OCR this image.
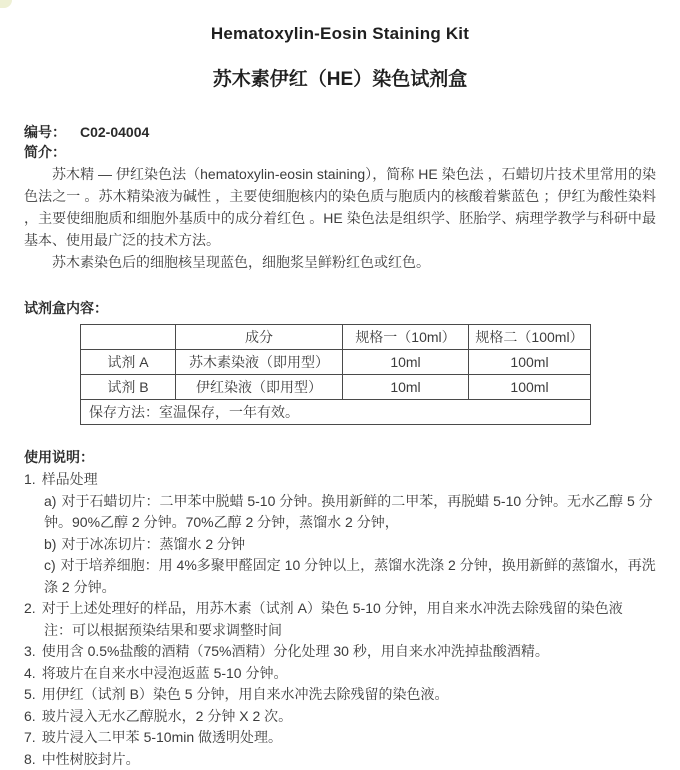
Hematoxylin-Eosin Staining Kit
苏木素伊红（HE）染色试剂盒
编号： C02-04004
简介：

苏木精 — 伊红染色法（hematoxylin-eosin staining），简称 HE 染色法 ，石蜡切片技术里常用的染色法之一 。苏木精染液为碱性 ，主要使细胞核内的染色质与胞质内的核酸着紫蓝色 ；伊红为酸性染料 ，主要使细胞质和细胞外基质中的成分着红色 。HE 染色法是组织学、胚胎学、病理学教学与科研中最基本、使用最广泛的技术方法。

苏木素染色后的细胞核呈现蓝色，细胞浆呈鲜粉红色或红色。

试剂盒内容：
	成分	规格一（10ml）	规格二（100ml）
试剂 A	苏木素染液（即用型）	10ml	100ml
试剂 B	伊红染液（即用型）	10ml	100ml
保存方法：室温保存，一年有效。			
使用说明：
1. 样品处理
a) 对于石蜡切片：二甲苯中脱蜡 5-10 分钟。换用新鲜的二甲苯，再脱蜡 5-10 分钟。无水乙醇 5 分钟。90%乙醇 2 分钟。70%乙醇 2 分钟，蒸馏水 2 分钟，
b) 对于冰冻切片：蒸馏水 2 分钟
c) 对于培养细胞：用 4%多聚甲醛固定 10 分钟以上，蒸馏水洗涤 2 分钟，换用新鲜的蒸馏水，再洗涤 2 分钟。
2. 对于上述处理好的样品，用苏木素（试剂 A）染色 5-10 分钟，用自来水冲洗去除残留的染色液
注：可以根据预染结果和要求调整时间
3. 使用含 0.5%盐酸的酒精（75%酒精）分化处理 30 秒，用自来水冲洗掉盐酸酒精。
4. 将玻片在自来水中浸泡返蓝 5-10 分钟。
5. 用伊红（试剂 B）染色 5 分钟，用自来水冲洗去除残留的染色液。
6. 玻片浸入无水乙醇脱水，2 分钟 X 2 次。
7. 玻片浸入二甲苯 5-10min 做透明处理。
8. 中性树胶封片。
